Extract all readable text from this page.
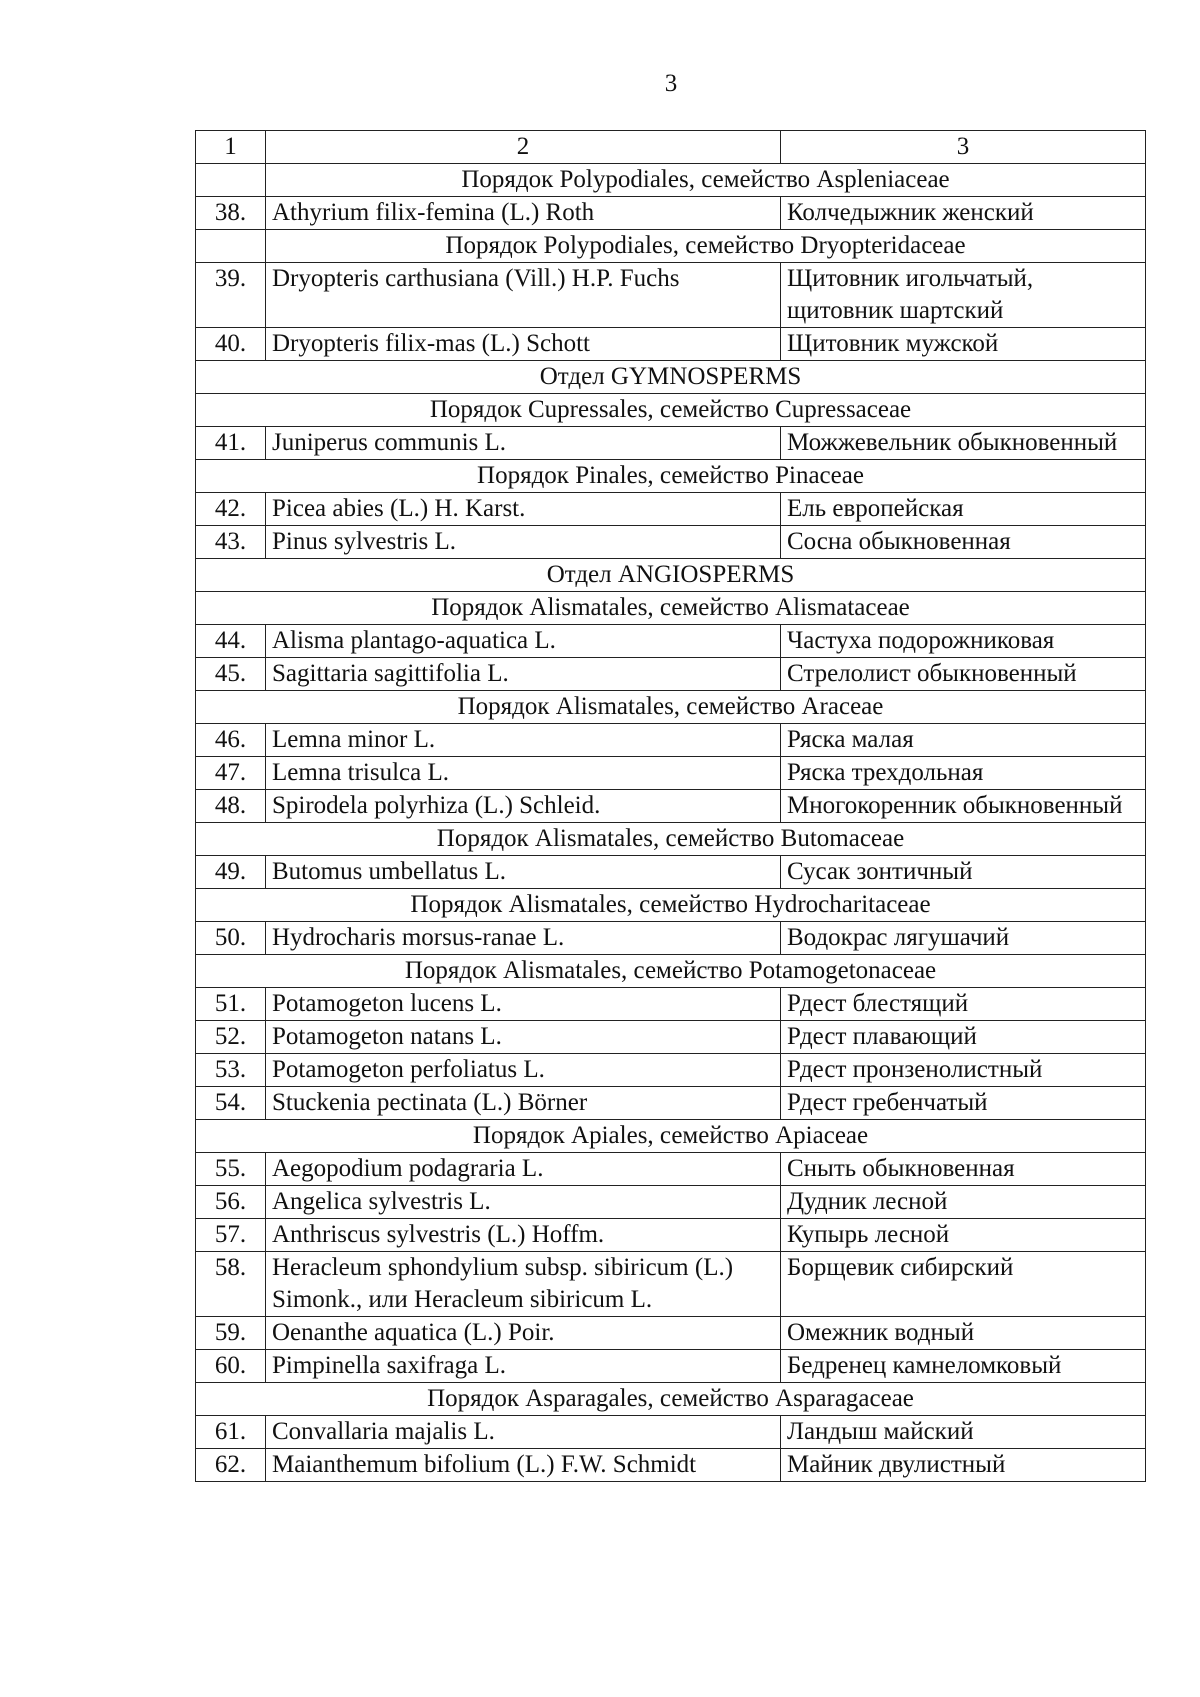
3
1	2	3
	Порядок Polypodiales, семейство Aspleniaceae	
38.	Athyrium filix-femina (L.) Roth	Колчедыжник женский
	Порядок Polypodiales, семейство Dryopteridaceae	
39.	Dryopteris carthusiana (Vill.) H.P. Fuchs	Щитовник игольчатый, щитовник шартский
40.	Dryopteris filix-mas (L.) Schott	Щитовник мужской
Отдел GYMNOSPERMS		
Порядок Cupressales, семейство Cupressaceae		
41.	Juniperus communis L.	Можжевельник обыкновенный
Порядок Pinales, семейство Pinaceae		
42.	Picea abies (L.) H. Karst.	Ель европейская
43.	Pinus sylvestris L.	Сосна обыкновенная
Отдел ANGIOSPERMS		
Порядок Alismatales, семейство Alismataceae		
44.	Alisma plantago-aquatica L.	Частуха подорожниковая
45.	Sagittaria sagittifolia L.	Стрелолист обыкновенный
Порядок Alismatales, семейство Araceae		
46.	Lemna minor L.	Ряска малая
47.	Lemna trisulca L.	Ряска трехдольная
48.	Spirodela polyrhiza (L.) Schleid.	Многокоренник обыкновенный
Порядок Alismatales, семейство Butomaceae		
49.	Butomus umbellatus L.	Сусак зонтичный
Порядок Alismatales, семейство Hydrocharitaceae		
50.	Hydrocharis morsus-ranae L.	Водокрас лягушачий
Порядок Alismatales, семейство Potamogetonaceae		
51.	Potamogeton lucens L.	Рдест блестящий
52.	Potamogeton natans L.	Рдест плавающий
53.	Potamogeton perfoliatus L.	Рдест пронзенолистный
54.	Stuckenia pectinata (L.) Börner	Рдест гребенчатый
Порядок Apiales, семейство Apiaceae		
55.	Aegopodium podagraria L.	Сныть обыкновенная
56.	Angelica sylvestris L.	Дудник лесной
57.	Anthriscus sylvestris (L.) Hoffm.	Купырь лесной
58.	Heracleum sphondylium subsp. sibiricum (L.) Simonk., или Heracleum sibiricum L.	Борщевик сибирский
59.	Oenanthe aquatica (L.) Poir.	Омежник водный
60.	Pimpinella saxifraga L.	Бедренец камнеломковый
Порядок Asparagales, семейство Asparagaceae		
61.	Convallaria majalis L.	Ландыш майский
62.	Maianthemum bifolium (L.) F.W. Schmidt	Майник двулистный
